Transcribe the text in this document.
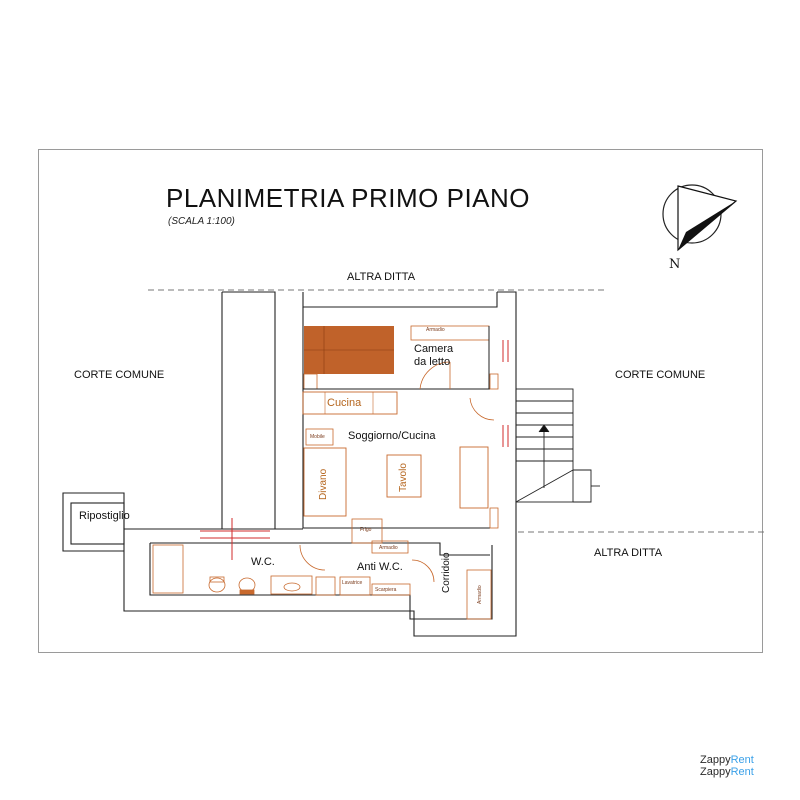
PLANIMETRIA PRIMO PIANO
(SCALA 1:100)
ALTRA DITTA
CORTE COMUNE	CORTE COMUNE
ALTRA DITTA
Camera
da letto
Soggiorno/Cucina
Ripostiglio
W.C.	Anti W.C.	Corridoio
Armadio
Cucina
Mobile
Divano	Tavolo
Frigo
Armadio
Lavatrice
Scarpiera	Armadio
N
ZappyRent
ZappyRent
